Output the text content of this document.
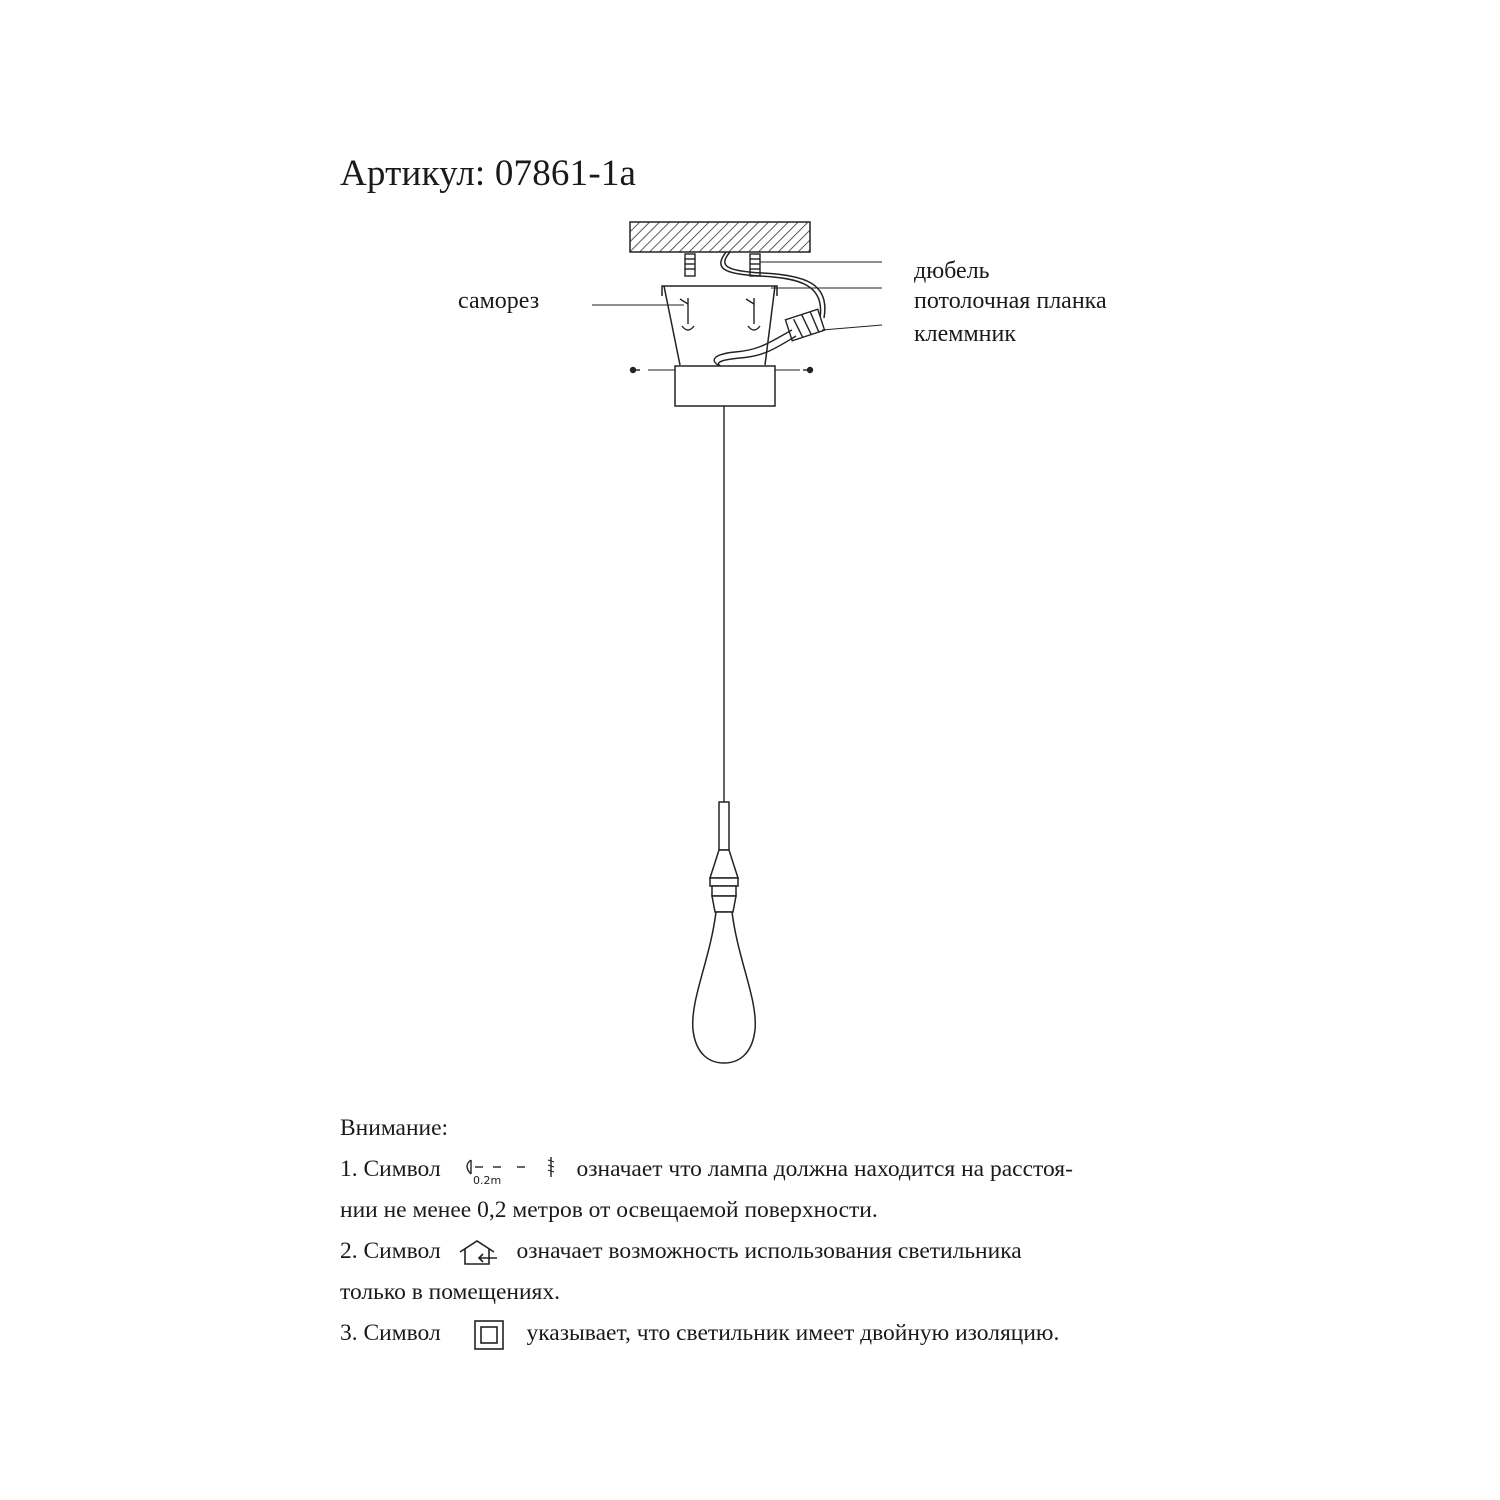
Артикул: 07861-1a
саморез
дюбель
потолочная планка
клеммник
Внимание:
1. Символ	0.2m	означает что лампа должна находится на расстоя-
нии не менее 0,2 метров от освещаемой поверхности.
2. Символ	означает возможность использования светильника
только в помещениях.
3. Символ	указывает, что светильник имеет двойную изоляцию.
